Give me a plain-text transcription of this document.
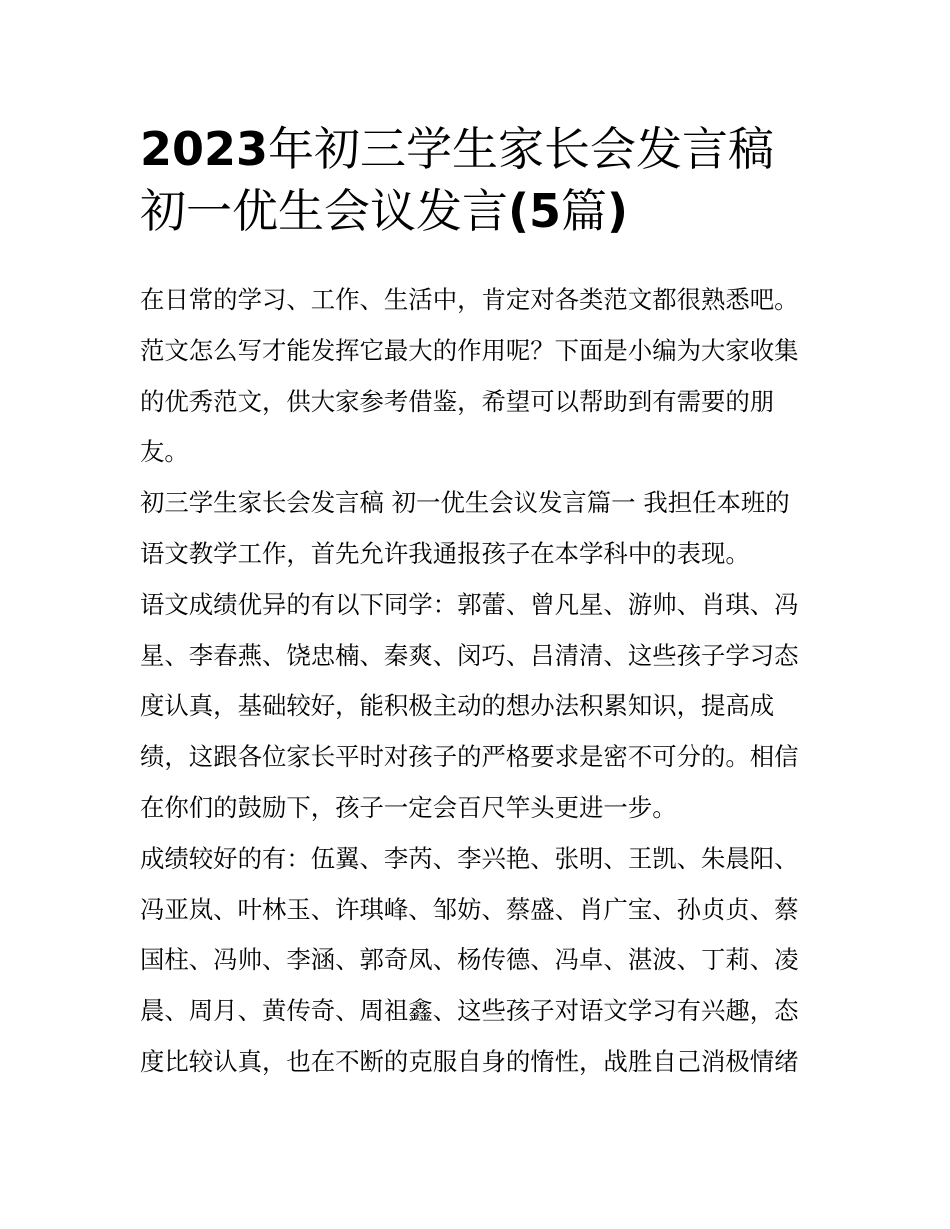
2023年初三学生家长会发言稿
初一优生会议发言(5篇)

在日常的学习、工作、生活中，肯定对各类范文都很熟悉吧。
范文怎么写才能发挥它最大的作用呢？下面是小编为大家收集
的优秀范文，供大家参考借鉴，希望可以帮助到有需要的朋
友。

初三学生家长会发言稿 初一优生会议发言篇一 我担任本班的
语文教学工作，首先允许我通报孩子在本学科中的表现。

语文成绩优异的有以下同学：郭蕾、曾凡星、游帅、肖琪、冯
星、李春燕、饶忠楠、秦爽、闵巧、吕清清、这些孩子学习态
度认真，基础较好，能积极主动的想办法积累知识，提高成
绩，这跟各位家长平时对孩子的严格要求是密不可分的。相信
在你们的鼓励下，孩子一定会百尺竿头更进一步。

成绩较好的有：伍翼、李芮、李兴艳、张明、王凯、朱晨阳、
冯亚岚、叶林玉、许琪峰、邹妨、蔡盛、肖广宝、孙贞贞、蔡
国柱、冯帅、李涵、郭奇凤、杨传德、冯卓、湛波、丁莉、凌
晨、周月、黄传奇、周祖鑫、这些孩子对语文学习有兴趣，态
度比较认真，也在不断的克服自身的惰性，战胜自己消极情绪
